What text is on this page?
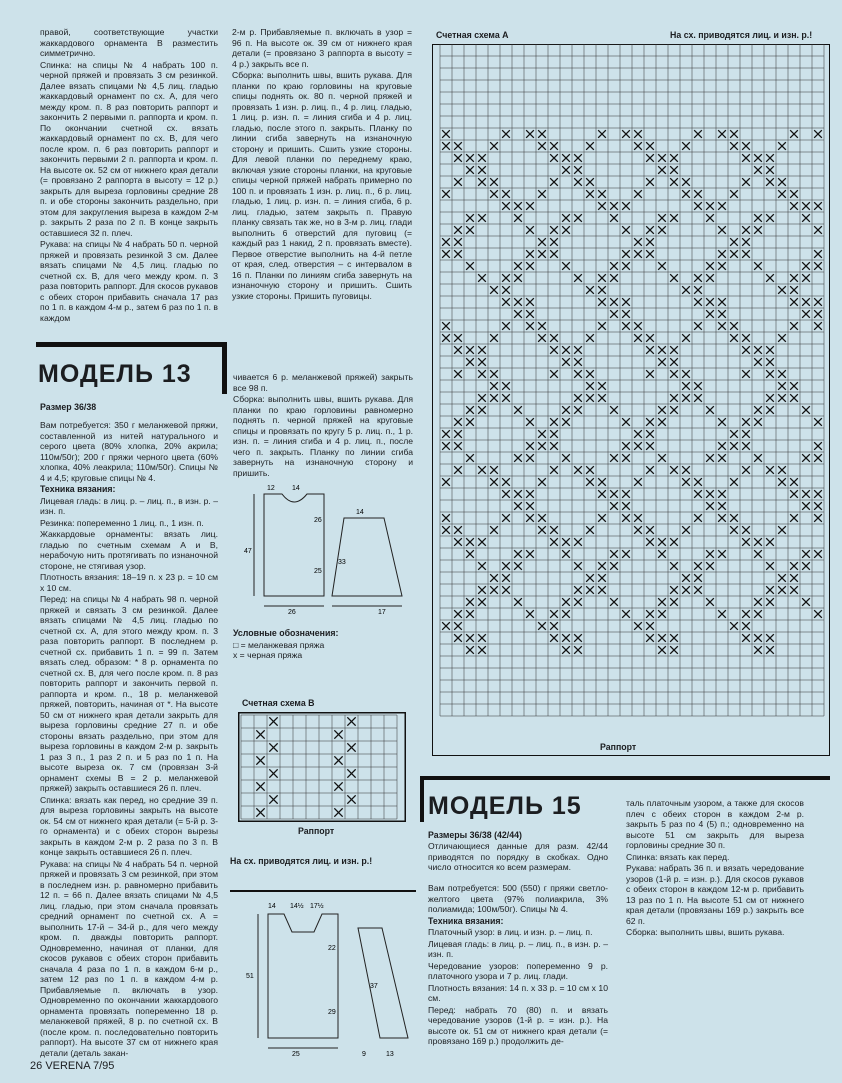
правой, соответствующие участки жаккардового орнамента В разместить симметрично.

Спинка: на спицы № 4 набрать 100 п. черной пряжей и провязать 3 см резинкой. Далее вязать спицами № 4,5 лиц. гладью жаккардовый орнамент по сх. А, для чего между кром. п. 8 раз повторить раппорт и закончить 2 первыми п. раппорта и кром. п. По окончании счетной сх. вязать жаккардовый орнамент по сх. В, для чего после кром. п. 6 раз повторить раппорт и закончить первыми 2 п. раппорта и кром. п. На высоте ок. 52 см от нижнего края детали (= провязано 2 раппорта в высоту = 12 р.) закрыть для выреза горловины средние 28 п. и обе стороны закончить раздельно, при этом для закругления выреза в каждом 2-м р. закрыть 2 раза по 2 п. В конце закрыть оставшиеся 32 п. плеч.

Рукава: на спицы № 4 набрать 50 п. черной пряжей и провязать резинкой 3 см. Далее вязать спицами № 4,5 лиц. гладью по счетной сх. В, для чего между кром. п. 3 раза повторить раппорт. Для скосов рукавов с обеих сторон прибавить сначала 17 раз по 1 п. в каждом 4-м р., затем 6 раз по 1 п. в каждом

2-м р. Прибавляемые п. включать в узор = 96 п. На высоте ок. 39 см от нижнего края детали (= провязано 3 раппорта в высоту = 4 р.) закрыть все п.

Сборка: выполнить швы, вшить рукава. Для планки по краю горловины на круговые спицы поднять ок. 80 п. черной пряжей и провязать 1 изн. р. лиц. п., 4 р. лиц. гладью, 1 лиц. р. изн. п. = линия сгиба и 4 р. лиц. гладью, после этого п. закрыть. Планку по линии сгиба завернуть на изнаночную сторону и пришить. Сшить узкие стороны. Для левой планки по переднему краю, включая узкие стороны планки, на круговые спицы черной пряжей набрать примерно по 100 п. и провязать 1 изн. р. лиц. п., 6 р. лиц. гладью, 1 лиц. р. изн. п. = линия сгиба, 6 р. лиц. гладью, затем закрыть п. Правую планку связать так же, но в 3-м р. лиц. глади выполнить 6 отверстий для пуговиц (= каждый раз 1 накид, 2 п. провязать вместе). Первое отверстие выполнить на 4-й петле от края, след. отверстия – с интервалом в 16 п. Планки по линиям сгиба завернуть на изнаночную сторону и пришить. Сшить узкие стороны. Пришить пуговицы.

МОДЕЛЬ 13
Размер 36/38

Вам потребуется: 350 г меланжевой пряжи, составленной из нитей натурального и серого цвета (80% хлопка, 20% акрила; 110м/50г); 200 г пряжи черного цвета (60% хлопка, 40% леакрила; 110м/50г). Спицы № 4 и 4,5; круговые спицы № 4.

Техника вязания:

Лицевая гладь: в лиц. р. – лиц. п., в изн. р. – изн. п.

Резинка: попеременно 1 лиц. п., 1 изн. п.

Жаккардовые орнаменты: вязать лиц. гладью по счетным схемам А и В, нерабочую нить протягивать по изнаночной стороне, не стягивая узор.

Плотность вязания: 18–19 п. х 23 р. = 10 см х 10 см.

Перед: на спицы № 4 набрать 98 п. черной пряжей и связать 3 см резинкой. Далее вязать спицами № 4,5 лиц. гладью по счетной сх. А, для этого между кром. п. 3 раза повторить раппорт. В последнем р. счетной сх. прибавить 1 п. = 99 п. Затем вязать след. образом: * 8 р. орнамента по счетной сх. В, для чего после кром. п. 8 раз повторить раппорт и закончить первой п. раппорта и кром. п., 18 р. меланжевой пряжей, повторить, начиная от *. На высоте 50 см от нижнего края детали закрыть для выреза горловины средние 27 п. и обе стороны вязать раздельно, при этом для выреза горловины в каждом 2-м р. закрыть 1 раз 3 п., 1 раз 2 п. и 5 раз по 1 п. На высоте выреза ок. 7 см (провязан 3-й орнамент схемы В = 2 р. меланжевой пряжей) закрыть оставшиеся 26 п. плеч.

Спинка: вязать как перед, но средние 39 п. для выреза горловины закрыть на высоте ок. 54 см от нижнего края детали (= 5-й р. 3-го орнамента) и с обеих сторон вырезы закрыть в каждом 2-м р. 2 раза по 3 п. В конце закрыть оставшиеся 26 п. плеч.

Рукава: на спицы № 4 набрать 54 п. черной пряжей и провязать 3 см резинкой, при этом в последнем изн. р. равномерно прибавить 12 п. = 66 п. Далее вязать спицами № 4,5 лиц. гладью, при этом сначала провязать средний орнамент по счетной сх. А = выполнить 17-й – 34-й р., для чего между кром. п. дважды повторить раппорт. Одновременно, начиная от планки, для скосов рукавов с обеих сторон прибавить сначала 4 раза по 1 п. в каждом 6-м р., затем 12 раз по 1 п. в каждом 4-м р. Прибавляемые п. включать в узор. Одновременно по окончании жаккардового орнамента провязать попеременно 18 р. меланжевой пряжей, 8 р. по счетной сх. В (после кром. п. последовательно повторить раппорт). На высоте 37 см от нижнего края детали (деталь закан-

чивается 6 р. меланжевой пряжей) закрыть все 98 п.

Сборка: выполнить швы, вшить рукава. Для планки по краю горловины равномерно поднять п. черной пряжей на круговые спицы и провязать по кругу 5 р. лиц. п., 1 р. изн. п. = линия сгиба и 4 р. лиц. п., после чего п. закрыть. Планку по линии сгиба завернуть на изнаночную сторону и пришить.

12 14
14
26
47
25
33
26	17
Условные обозначения:
□ = меланжевая пряжа
x = черная пряжа
Счетная схема В
Раппорт
На сх. приводятся лиц. и изн. р.!
14 14½ 17½
22
51
29
37
25	9	13
Счетная схема А	На сх. приводятся лиц. и изн. р.!
Раппорт
МОДЕЛЬ 15
Размеры 36/38 (42/44)
Отличающиеся данные для разм. 42/44 приводятся по порядку в скобках. Одно число относится ко всем размерам.

Вам потребуется: 500 (550) г пряжи светло-желтого цвета (97% полиакрила, 3% полиамида; 100м/50г). Спицы № 4.

Техника вязания:

Платочный узор: в лиц. и изн. р. – лиц. п.

Лицевая гладь: в лиц. р. – лиц. п., в изн. р. – изн. п.

Чередование узоров: попеременно 9 р. платочного узора и 7 р. лиц. глади.

Плотность вязания: 14 п. х 33 р. = 10 см х 10 см.

Перед: набрать 70 (80) п. и вязать чередование узоров (1-й р. = изн. р.). На высоте ок. 51 см от нижнего края детали (= провязано 169 р.) продолжить де-

таль платочным узором, а также для скосов плеч с обеих сторон в каждом 2-м р. закрыть 5 раз по 4 (5) п.; одновременно на высоте 51 см закрыть для выреза горловины средние 30 п.

Спинка: вязать как перед.

Рукава: набрать 36 п. и вязать чередование узоров (1-й р. = изн. р.). Для скосов рукавов с обеих сторон в каждом 12-м р. прибавить 13 раз по 1 п. На высоте 51 см от нижнего края детали (провязаны 169 р.) закрыть все 62 п.

Сборка: выполнить швы, вшить рукава.

26 VERENA 7/95
